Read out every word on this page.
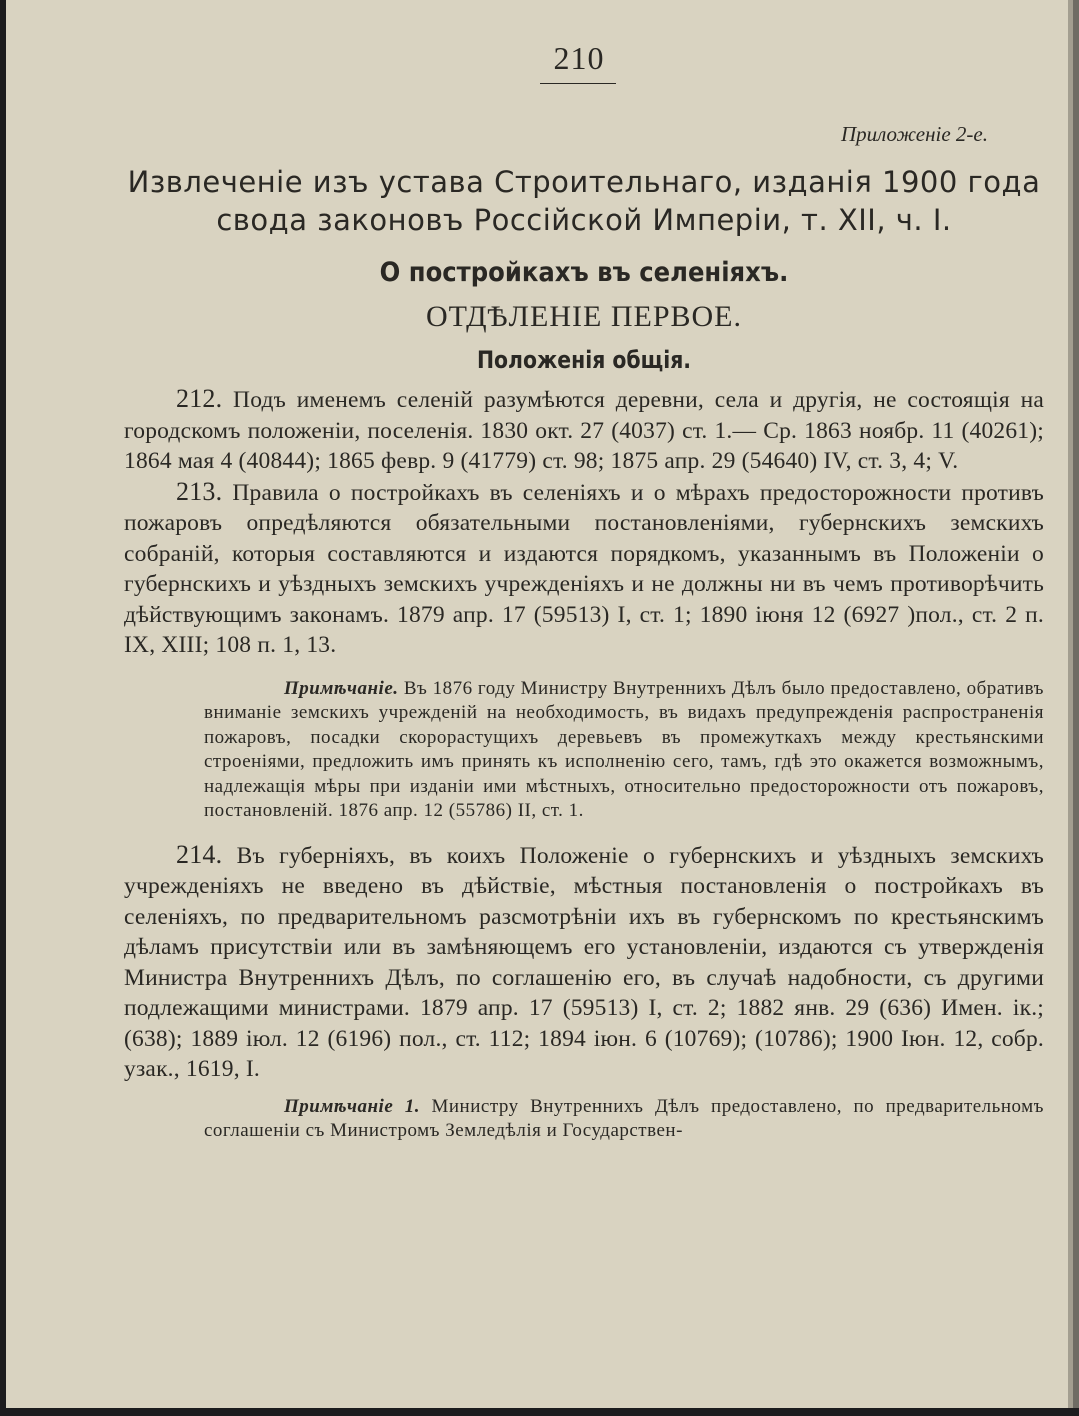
210
Приложеніе 2-е.
Извлеченіе изъ устава Строительнаго, изданія 1900 года
свода законовъ Россійской Имперіи, т. XII, ч. I.
О постройкахъ въ селеніяхъ.
ОТДѢЛЕНІЕ ПЕРВОЕ.
Положенія общія.

212. Подъ именемъ селеній разумѣются деревни, села и другія, не состоящія на городскомъ положеніи, поселенія. 1830 окт. 27 (4037) ст. 1.— Ср. 1863 ноябр. 11 (40261); 1864 мая 4 (40844); 1865 февр. 9 (41779) ст. 98; 1875 апр. 29 (54640) IV, ст. 3, 4; V.

213. Правила о постройкахъ въ селеніяхъ и о мѣрахъ предосторожности противъ пожаровъ опредѣляются обязательными постановленіями, губернскихъ земскихъ собраній, которыя составляются и издаются порядкомъ, указаннымъ въ Положеніи о губернскихъ и уѣздныхъ земскихъ учрежденіяхъ и не должны ни въ чемъ противорѣчить дѣйствующимъ законамъ. 1879 апр. 17 (59513) I, ст. 1; 1890 іюня 12 (6927 )пол., ст. 2 п. IX, XIII; 108 п. 1, 13.

Примѣчаніе. Въ 1876 году Министру Внутреннихъ Дѣлъ было предоставлено, обративъ вниманіе земскихъ учрежденій на необходимость, въ видахъ предупрежденія распространенія пожаровъ, посадки скорорастущихъ деревьевъ въ промежуткахъ между крестьянскими строеніями, предложить имъ принять къ исполненію сего, тамъ, гдѣ это окажется возможнымъ, надлежащія мѣры при изданіи ими мѣстныхъ, относительно предосторожности отъ пожаровъ, постановленій. 1876 апр. 12 (55786) II, ст. 1.

214. Въ губерніяхъ, въ коихъ Положеніе о губернскихъ и уѣздныхъ земскихъ учрежденіяхъ не введено въ дѣйствіе, мѣстныя постановленія о постройкахъ въ селеніяхъ, по предварительномъ разсмотрѣніи ихъ въ губернскомъ по крестьянскимъ дѣламъ присутствіи или въ замѣняющемъ его установленіи, издаются съ утвержденія Министра Внутреннихъ Дѣлъ, по соглашенію его, въ случаѣ надобности, съ другими подлежащими министрами. 1879 апр. 17 (59513) I, ст. 2; 1882 янв. 29 (636) Имен. ік.; (638); 1889 іюл. 12 (6196) пол., ст. 112; 1894 іюн. 6 (10769); (10786); 1900 Іюн. 12, собр. узак., 1619, I.

Примѣчаніе 1. Министру Внутреннихъ Дѣлъ предоставлено, по предварительномъ соглашеніи съ Министромъ Земледѣлія и Государствен-
